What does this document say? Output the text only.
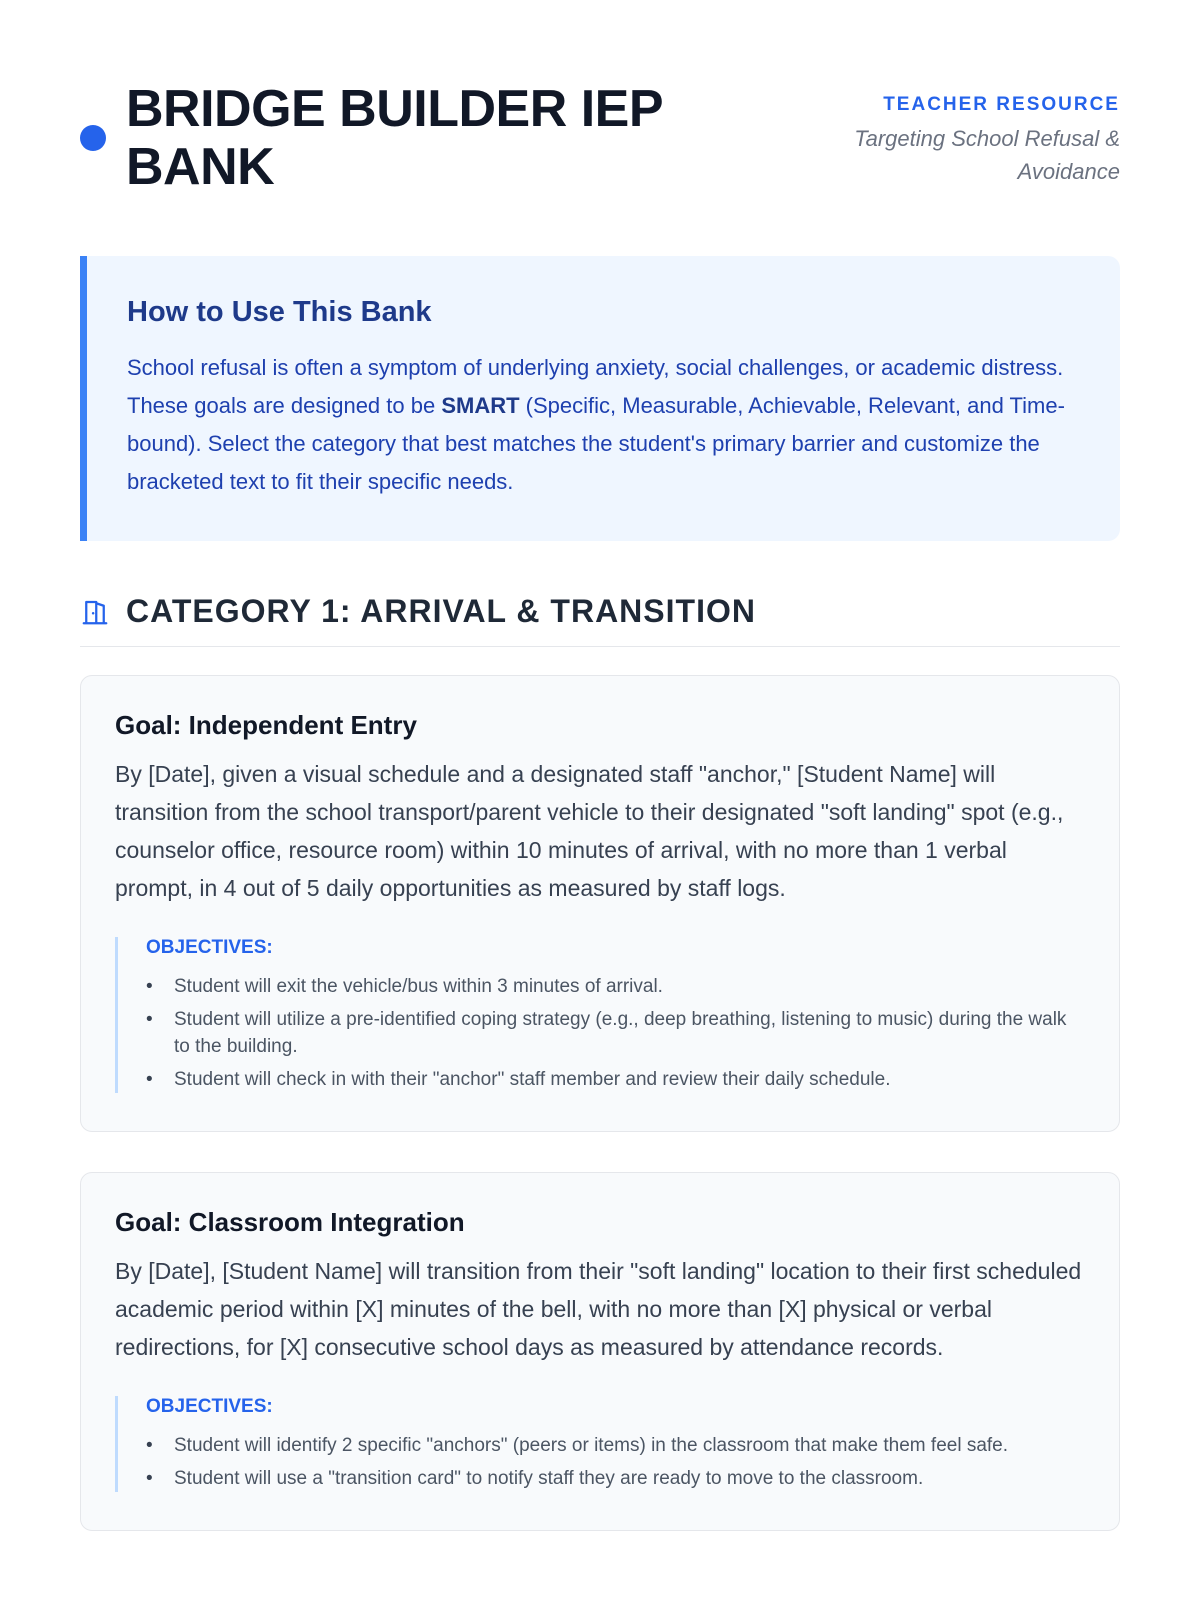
BRIDGE BUILDER IEP BANK
TEACHER RESOURCE
Targeting School Refusal & Avoidance
How to Use This Bank

School refusal is often a symptom of underlying anxiety, social challenges, or academic distress. These goals are designed to be SMART (Specific, Measurable, Achievable, Relevant, and Time-bound). Select the category that best matches the student's primary barrier and customize the bracketed text to fit their specific needs.

CATEGORY 1: ARRIVAL & TRANSITION
Goal: Independent Entry

By [Date], given a visual schedule and a designated staff "anchor," [Student Name] will transition from the school transport/parent vehicle to their designated "soft landing" spot (e.g., counselor office, resource room) within 10 minutes of arrival, with no more than 1 verbal prompt, in 4 out of 5 daily opportunities as measured by staff logs.

OBJECTIVES:
• Student will exit the vehicle/bus within 3 minutes of arrival.
• Student will utilize a pre-identified coping strategy (e.g., deep breathing, listening to music) during the walk to the building.
• Student will check in with their "anchor" staff member and review their daily schedule.
Goal: Classroom Integration

By [Date], [Student Name] will transition from their "soft landing" location to their first scheduled academic period within [X] minutes of the bell, with no more than [X] physical or verbal redirections, for [X] consecutive school days as measured by attendance records.

OBJECTIVES:
• Student will identify 2 specific "anchors" (peers or items) in the classroom that make them feel safe.
• Student will use a "transition card" to notify staff they are ready to move to the classroom.
